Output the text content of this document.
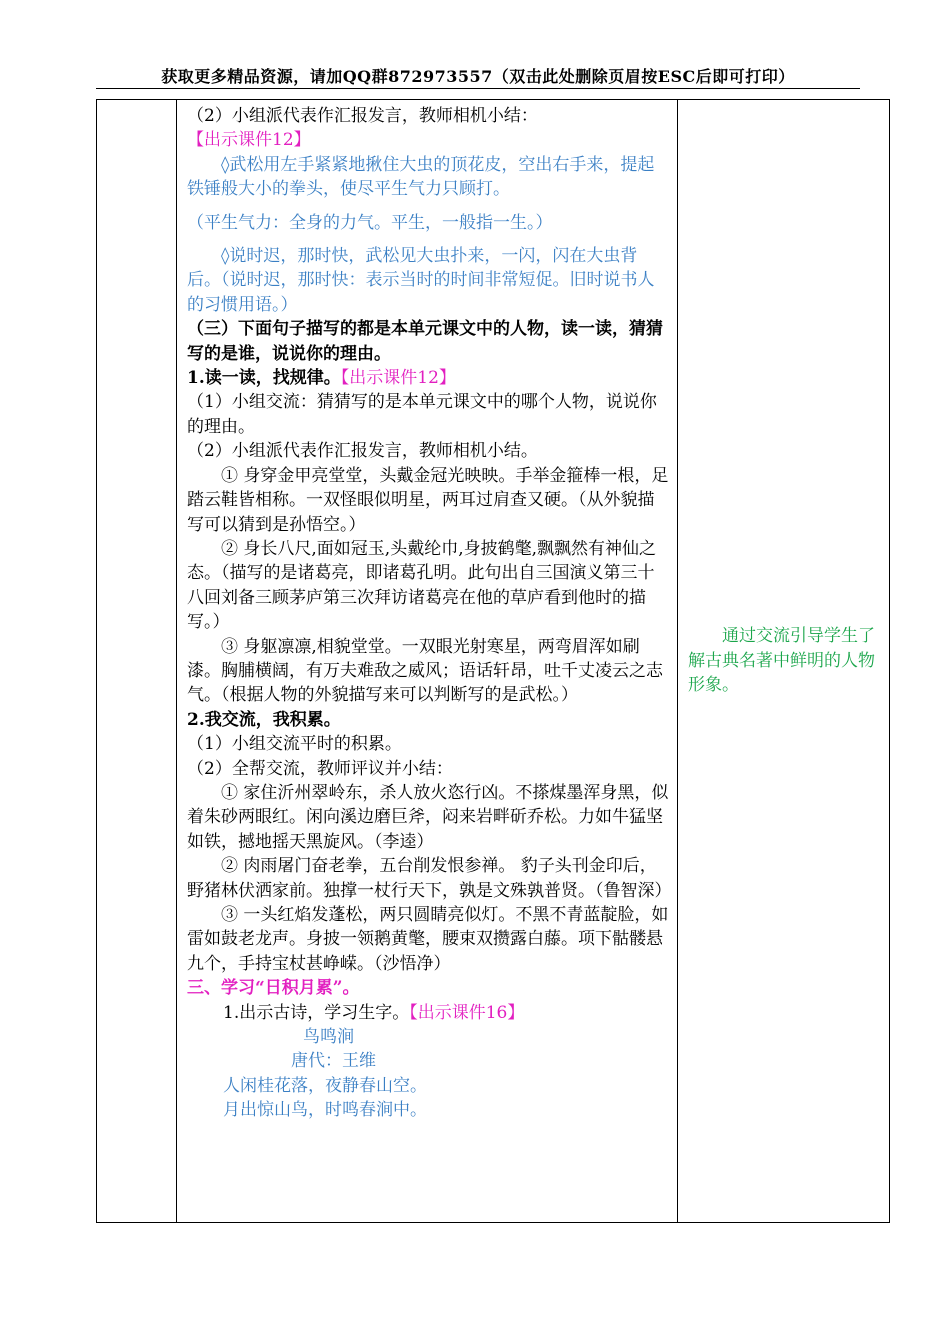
获取更多精品资源，请加QQ群872973557（双击此处删除页眉按ESC后即可打印）

（2）小组派代表作汇报发言，教师相机小结：

【出示课件12】

◊武松用左手紧紧地揪住大虫的顶花皮，空出右手来，提起铁锤般大小的拳头，使尽平生气力只顾打。

（平生气力：全身的力气。平生，一般指一生。）

◊说时迟，那时快，武松见大虫扑来，一闪，闪在大虫背后。（说时迟，那时快：表示当时的时间非常短促。旧时说书人的习惯用语。）

（三）下面句子描写的都是本单元课文中的人物，读一读，猜猜写的是谁，说说你的理由。

1.读一读，找规律。【出示课件12】

（1）小组交流：猜猜写的是本单元课文中的哪个人物，说说你的理由。

（2）小组派代表作汇报发言，教师相机小结。

① 身穿金甲亮堂堂，头戴金冠光映映。手举金箍棒一根，足踏云鞋皆相称。一双怪眼似明星，两耳过肩查又硬。（从外貌描写可以猜到是孙悟空。）

② 身长八尺,面如冠玉,头戴纶巾,身披鹤氅,飘飘然有神仙之态。（描写的是诸葛亮，即诸葛孔明。此句出自三国演义第三十八回刘备三顾茅庐第三次拜访诸葛亮在他的草庐看到他时的描写。）

③ 身躯凛凛,相貌堂堂。一双眼光射寒星，两弯眉浑如刷漆。胸脯横阔，有万夫难敌之威风；语话轩昂，吐千丈凌云之志气。（根据人物的外貌描写来可以判断写的是武松。）

2.我交流，我积累。

（1）小组交流平时的积累。

（2）全帮交流，教师评议并小结：

① 家住沂州翠岭东，杀人放火恣行凶。不搽煤墨浑身黑，似着朱砂两眼红。闲向溪边磨巨斧，闷来岩畔斫乔松。力如牛猛坚如铁，撼地摇天黑旋风。（李逵）

② 肉雨屠门奋老拳，五台削发恨参禅。 豹子头刊金印后， 野猪林伏洒家前。独撑一杖行天下，孰是文殊孰普贤。（鲁智深）

③ 一头红焰发蓬松，两只圆睛亮似灯。不黑不青蓝靛脸，如雷如鼓老龙声。身披一领鹅黄氅，腰束双攒露白藤。项下骷髅悬九个，手持宝杖甚峥嵘。（沙悟净）

三、学习“日积月累”。

1.出示古诗，学习生字。【出示课件16】

鸟鸣涧

唐代：王维

人闲桂花落，夜静春山空。

月出惊山鸟，时鸣春涧中。

通过交流引导学生了解古典名著中鲜明的人物形象。
